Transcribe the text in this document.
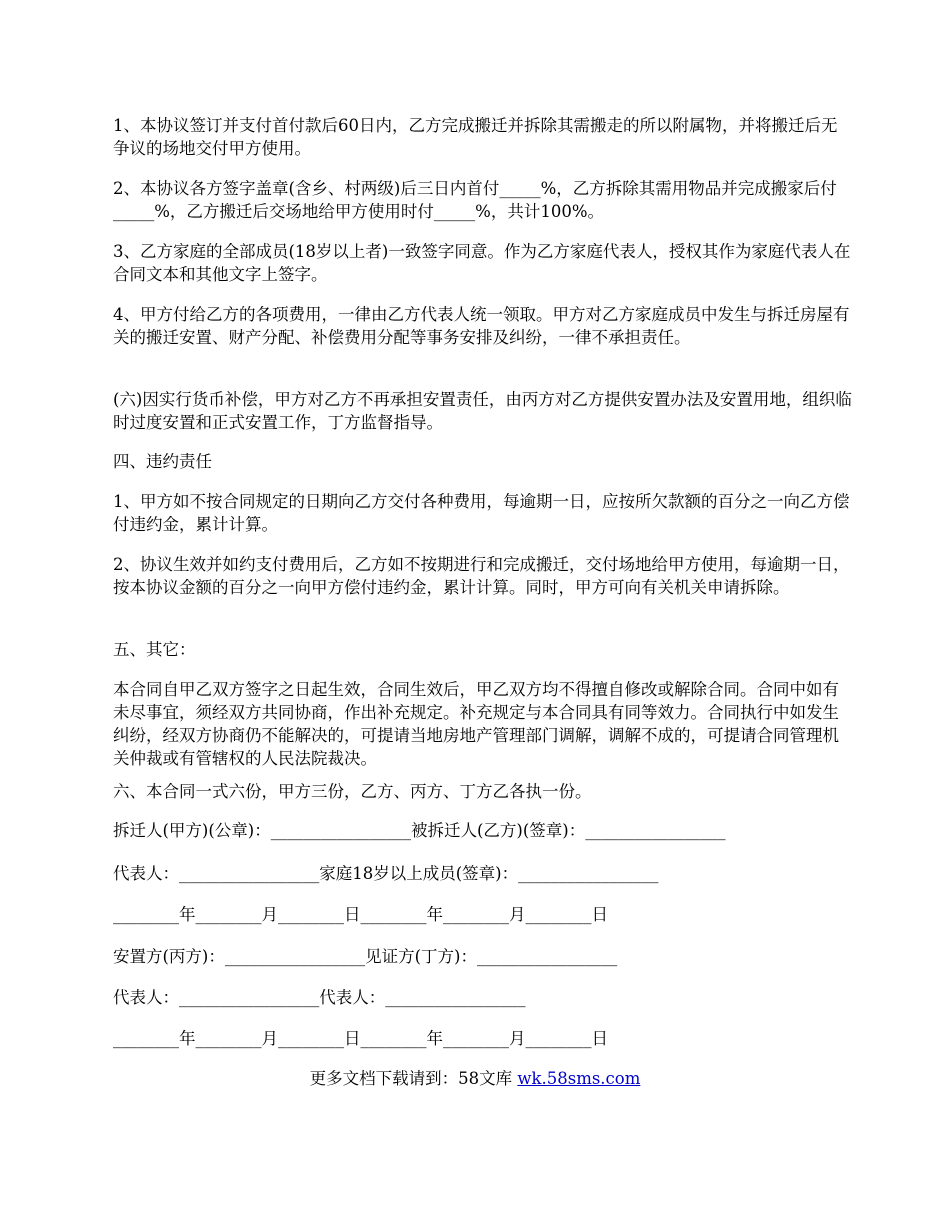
1、本协议签订并支付首付款后60日内，乙方完成搬迁并拆除其需搬走的所以附属物，并将搬迁后无争议的场地交付甲方使用。

2、本协议各方签字盖章(含乡、村两级)后三日内首付_____%，乙方拆除其需用物品并完成搬家后付_____%，乙方搬迁后交场地给甲方使用时付_____%，共计100%。

3、乙方家庭的全部成员(18岁以上者)一致签字同意。作为乙方家庭代表人，授权其作为家庭代表人在合同文本和其他文字上签字。

4、甲方付给乙方的各项费用，一律由乙方代表人统一领取。甲方对乙方家庭成员中发生与拆迁房屋有关的搬迁安置、财产分配、补偿费用分配等事务安排及纠纷，一律不承担责任。

(六)因实行货币补偿，甲方对乙方不再承担安置责任，由丙方对乙方提供安置办法及安置用地，组织临时过度安置和正式安置工作，丁方监督指导。

四、违约责任

1、甲方如不按合同规定的日期向乙方交付各种费用，每逾期一日，应按所欠款额的百分之一向乙方偿付违约金，累计计算。

2、协议生效并如约支付费用后，乙方如不按期进行和完成搬迁，交付场地给甲方使用，每逾期一日，按本协议金额的百分之一向甲方偿付违约金，累计计算。同时，甲方可向有关机关申请拆除。

五、其它：

本合同自甲乙双方签字之日起生效，合同生效后，甲乙双方均不得擅自修改或解除合同。合同中如有未尽事宜，须经双方共同协商，作出补充规定。补充规定与本合同具有同等效力。合同执行中如发生纠纷，经双方协商仍不能解决的，可提请当地房地产管理部门调解，调解不成的，可提请合同管理机关仲裁或有管辖权的人民法院裁决。

六、本合同一式六份，甲方三份，乙方、丙方、丁方乙各执一份。

拆迁人(甲方)(公章)：_________________被拆迁人(乙方)(签章)：_________________
代表人：_________________家庭18岁以上成员(签章)：_________________
________年________月________日________年________月________日
安置方(丙方)：_________________见证方(丁方)：_________________
代表人：_________________代表人：_________________
________年________月________日________年________月________日
更多文档下载请到：58文库 wk.58sms.com
